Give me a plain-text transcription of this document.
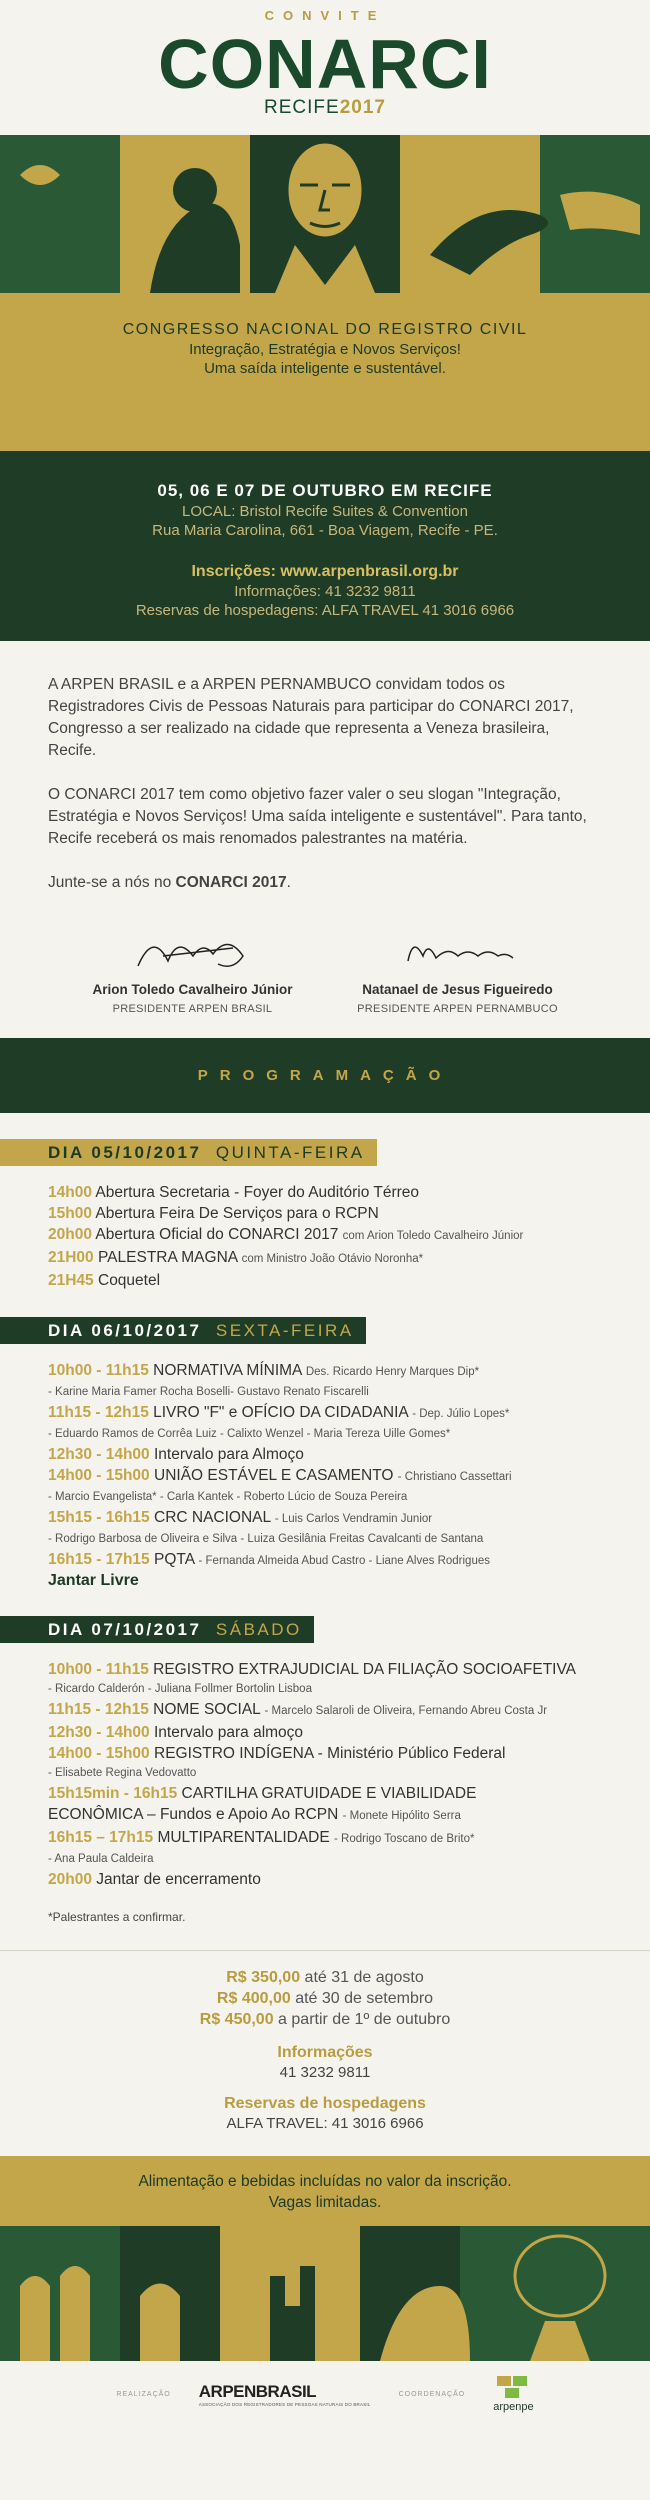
CONVITE
CONARCI
RECIFE2017
CONGRESSO NACIONAL DO REGISTRO CIVIL
Integração, Estratégia e Novos Serviços!
Uma saída inteligente e sustentável.
05, 06 E 07 DE OUTUBRO EM RECIFE
LOCAL: Bristol Recife Suites & Convention
Rua Maria Carolina, 661 - Boa Viagem, Recife - PE.
Inscrições: www.arpenbrasil.org.br
Informações: 41 3232 9811
Reservas de hospedagens: ALFA TRAVEL 41 3016 6966

A ARPEN BRASIL e a ARPEN PERNAMBUCO convidam todos os Registradores Civis de Pessoas Naturais para participar do CONARCI 2017, Congresso a ser realizado na cidade que representa a Veneza brasileira, Recife.

O CONARCI 2017 tem como objetivo fazer valer o seu slogan "Integração, Estratégia e Novos Serviços! Uma saída inteligente e sustentável". Para tanto, Recife receberá os mais renomados palestrantes na matéria.

Junte-se a nós no CONARCI 2017.

Arion Toledo Cavalheiro Júnior
PRESIDENTE ARPEN BRASIL
Natanael de Jesus Figueiredo
PRESIDENTE ARPEN PERNAMBUCO
PROGRAMAÇÃO
DIA 05/10/2017 QUINTA-FEIRA
14h00 Abertura Secretaria - Foyer do Auditório Térreo
15h00 Abertura Feira De Serviços para o RCPN
20h00 Abertura Oficial do CONARCI 2017 com Arion Toledo Cavalheiro Júnior
21H00 PALESTRA MAGNA com Ministro João Otávio Noronha*
21H45 Coquetel
DIA 06/10/2017 SEXTA-FEIRA
10h00 - 11h15 NORMATIVA MÍNIMA Des. Ricardo Henry Marques Dip*
- Karine Maria Famer Rocha Boselli- Gustavo Renato Fiscarelli
11h15 - 12h15 LIVRO "F" e OFÍCIO DA CIDADANIA - Dep. Júlio Lopes*
- Eduardo Ramos de Corrêa Luiz - Calixto Wenzel - Maria Tereza Uille Gomes*
12h30 - 14h00 Intervalo para Almoço
14h00 - 15h00 UNIÃO ESTÁVEL E CASAMENTO - Christiano Cassettari
- Marcio Evangelista* - Carla Kantek - Roberto Lúcio de Souza Pereira
15h15 - 16h15 CRC NACIONAL - Luis Carlos Vendramin Junior
- Rodrigo Barbosa de Oliveira e Silva - Luiza Gesilânia Freitas Cavalcanti de Santana
16h15 - 17h15 PQTA - Fernanda Almeida Abud Castro - Liane Alves Rodrigues
Jantar Livre
DIA 07/10/2017 SÁBADO
10h00 - 11h15 REGISTRO EXTRAJUDICIAL DA FILIAÇÃO SOCIOAFETIVA
- Ricardo Calderón - Juliana Follmer Bortolin Lisboa
11h15 - 12h15 NOME SOCIAL - Marcelo Salaroli de Oliveira, Fernando Abreu Costa Jr
12h30 - 14h00 Intervalo para almoço
14h00 - 15h00 REGISTRO INDÍGENA - Ministério Público Federal
- Elisabete Regina Vedovatto
15h15min - 16h15 CARTILHA GRATUIDADE E VIABILIDADE
ECONÔMICA – Fundos e Apoio Ao RCPN - Monete Hipólito Serra
16h15 – 17h15 MULTIPARENTALIDADE - Rodrigo Toscano de Brito*
- Ana Paula Caldeira
20h00 Jantar de encerramento
*Palestrantes a confirmar.
R$ 350,00 até 31 de agosto
R$ 400,00 até 30 de setembro
R$ 450,00 a partir de 1º de outubro
Informações
41 3232 9811
Reservas de hospedagens
ALFA TRAVEL: 41 3016 6966
Alimentação e bebidas incluídas no valor da inscrição.
Vagas limitadas.
REALIZAÇÃO ARPENBRASIL
ASSOCIAÇÃO DOS REGISTRADORES DE PESSOAS NATURAIS DO BRASIL
COORDENAÇÃO
arpenpe
